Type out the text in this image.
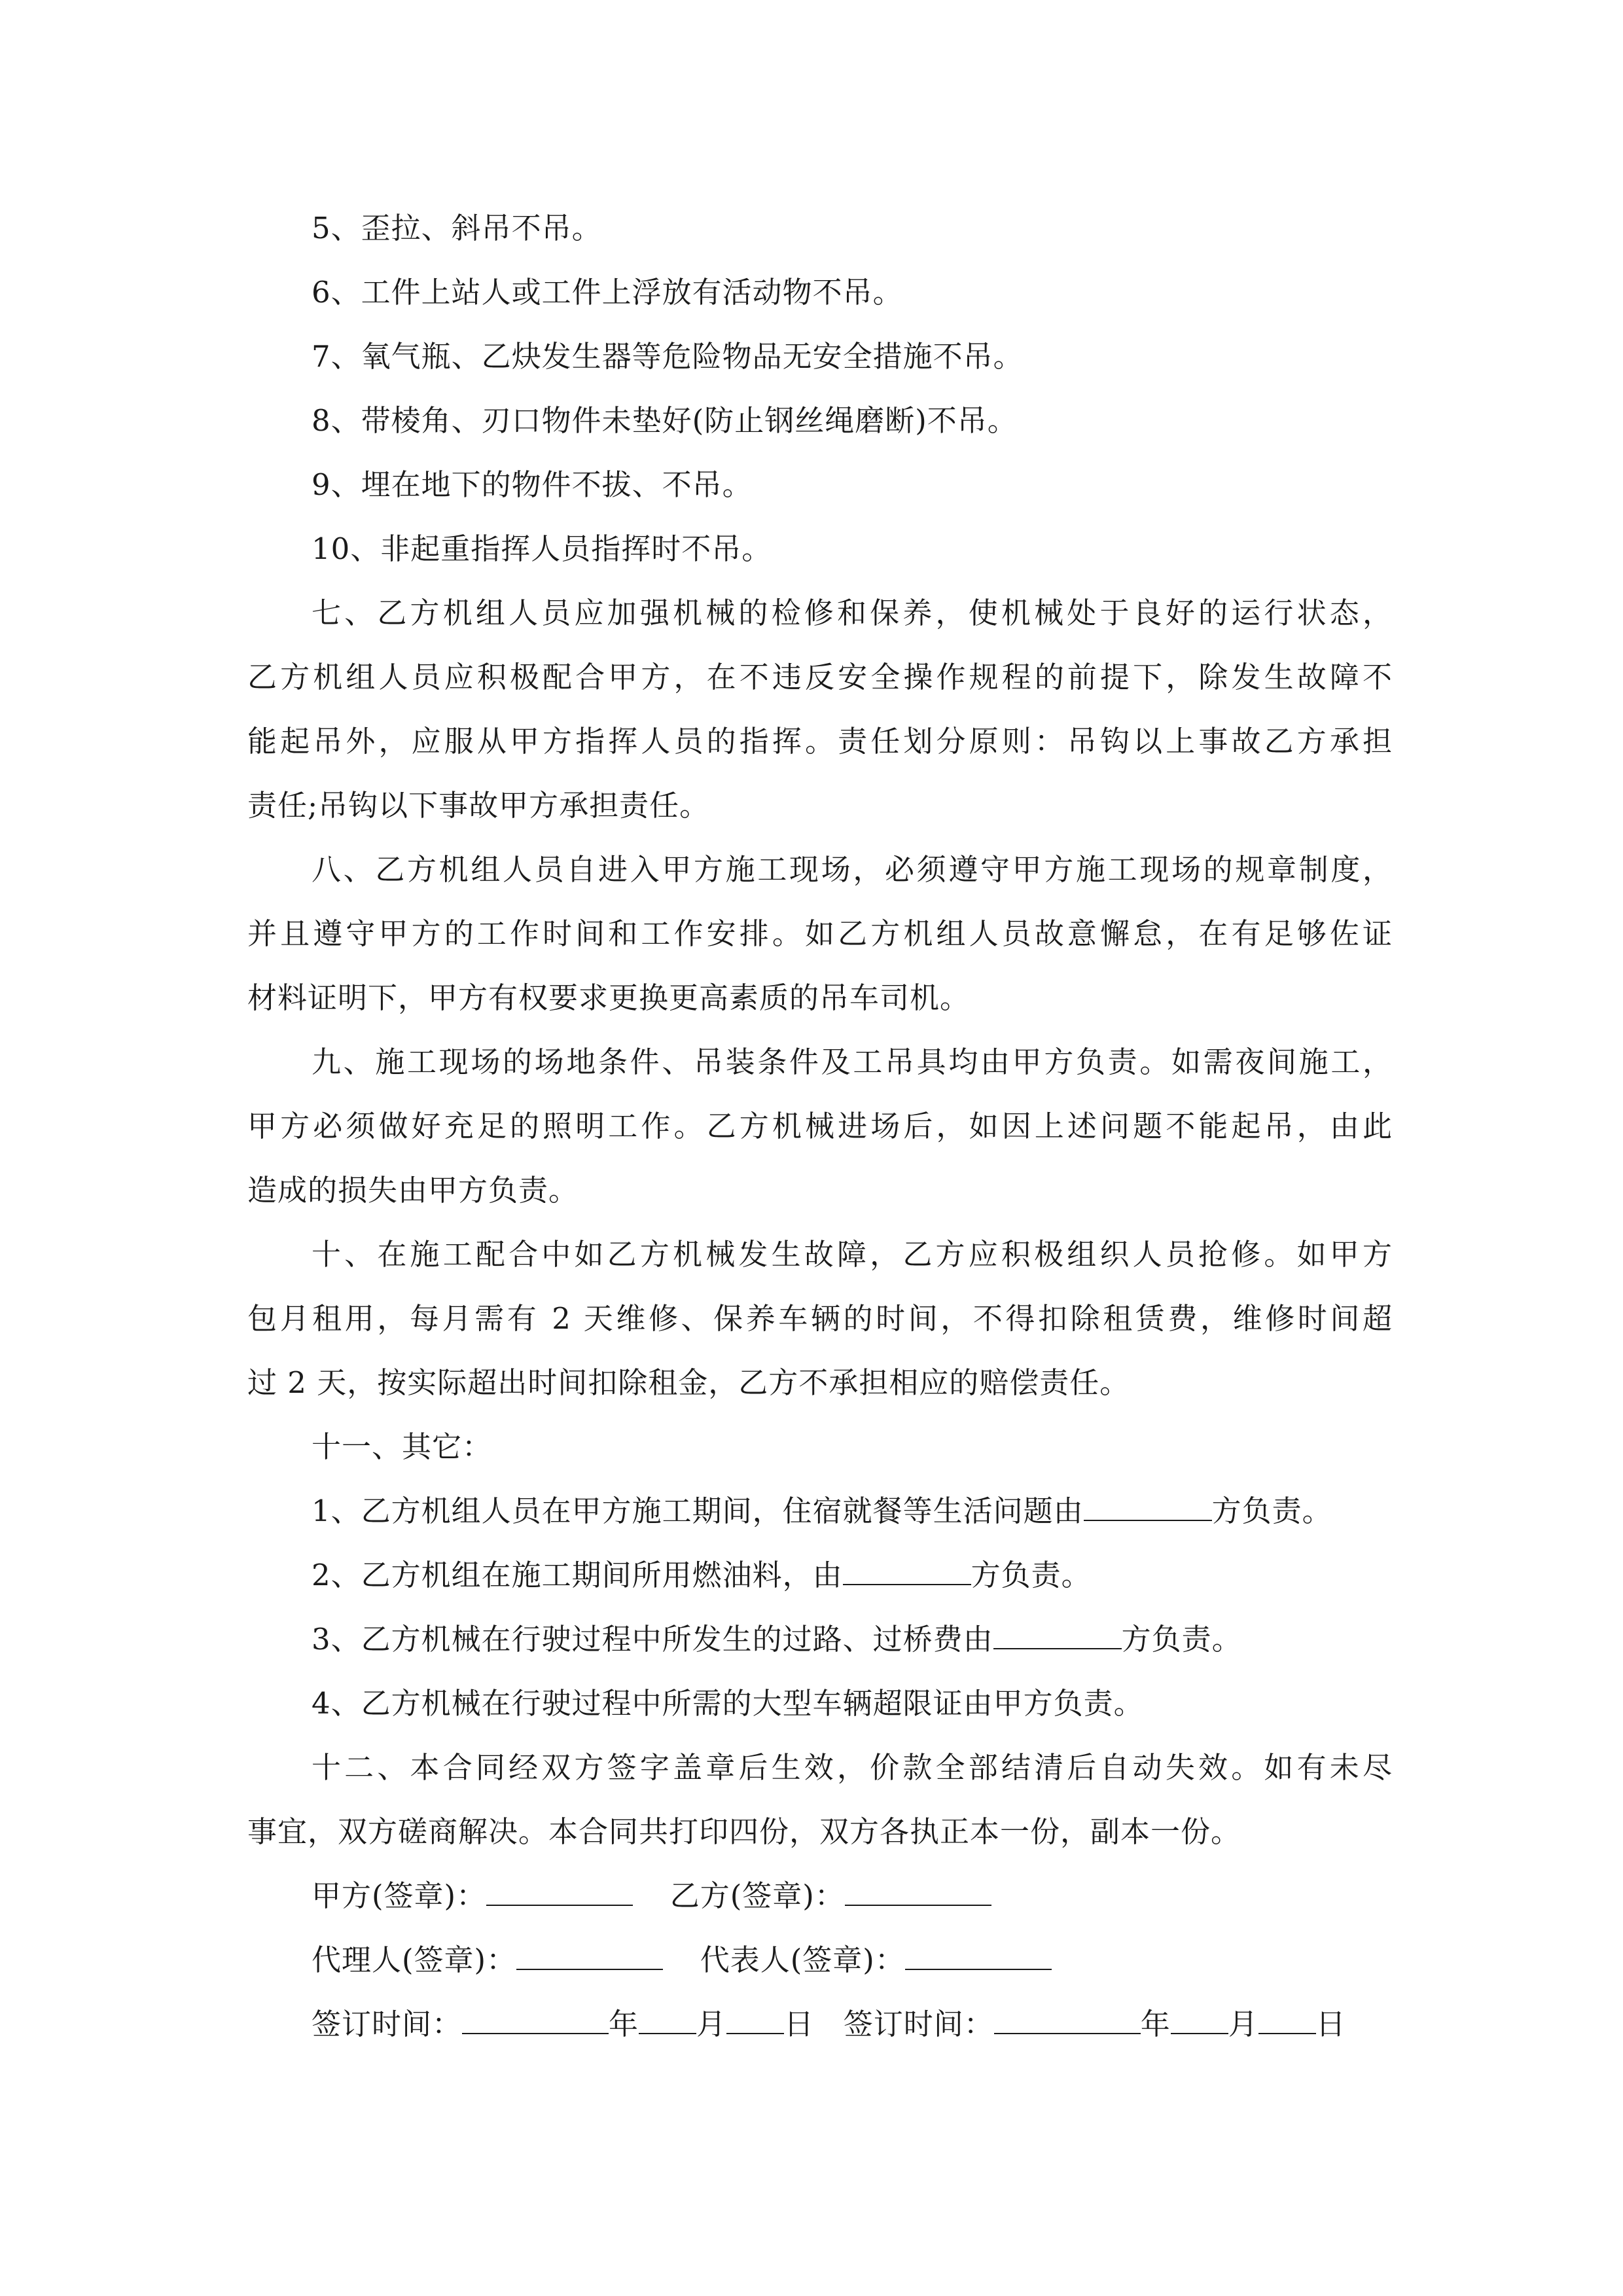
5、歪拉、斜吊不吊。
6、工件上站人或工件上浮放有活动物不吊。
7、氧气瓶、乙炔发生器等危险物品无安全措施不吊。
8、带棱角、刃口物件未垫好(防止钢丝绳磨断)不吊。
9、埋在地下的物件不拔、不吊。
10、非起重指挥人员指挥时不吊。
七、乙方机组人员应加强机械的检修和保养，使机械处于良好的运行状态，
乙方机组人员应积极配合甲方，在不违反安全操作规程的前提下，除发生故障不
能起吊外，应服从甲方指挥人员的指挥。责任划分原则：吊钩以上事故乙方承担
责任;吊钩以下事故甲方承担责任。
八、乙方机组人员自进入甲方施工现场，必须遵守甲方施工现场的规章制度，
并且遵守甲方的工作时间和工作安排。如乙方机组人员故意懈怠，在有足够佐证
材料证明下，甲方有权要求更换更高素质的吊车司机。
九、施工现场的场地条件、吊装条件及工吊具均由甲方负责。如需夜间施工，
甲方必须做好充足的照明工作。乙方机械进场后，如因上述问题不能起吊，由此
造成的损失由甲方负责。
十、在施工配合中如乙方机械发生故障，乙方应积极组织人员抢修。如甲方
包月租用，每月需有 2 天维修、保养车辆的时间，不得扣除租赁费，维修时间超
过 2 天，按实际超出时间扣除租金，乙方不承担相应的赔偿责任。
十一、其它：
1、乙方机组人员在甲方施工期间，住宿就餐等生活问题由	方负责。
2、乙方机组在施工期间所用燃油料，由	方负责。
3、乙方机械在行驶过程中所发生的过路、过桥费由	方负责。
4、乙方机械在行驶过程中所需的大型车辆超限证由甲方负责。
十二、本合同经双方签字盖章后生效，价款全部结清后自动失效。如有未尽
事宜，双方磋商解决。本合同共打印四份，双方各执正本一份，副本一份。
甲方(签章)：	乙方(签章)：
代理人(签章)：	代表人(签章)：
签订时间：	年 月 日 签订时间：	年 月 日
